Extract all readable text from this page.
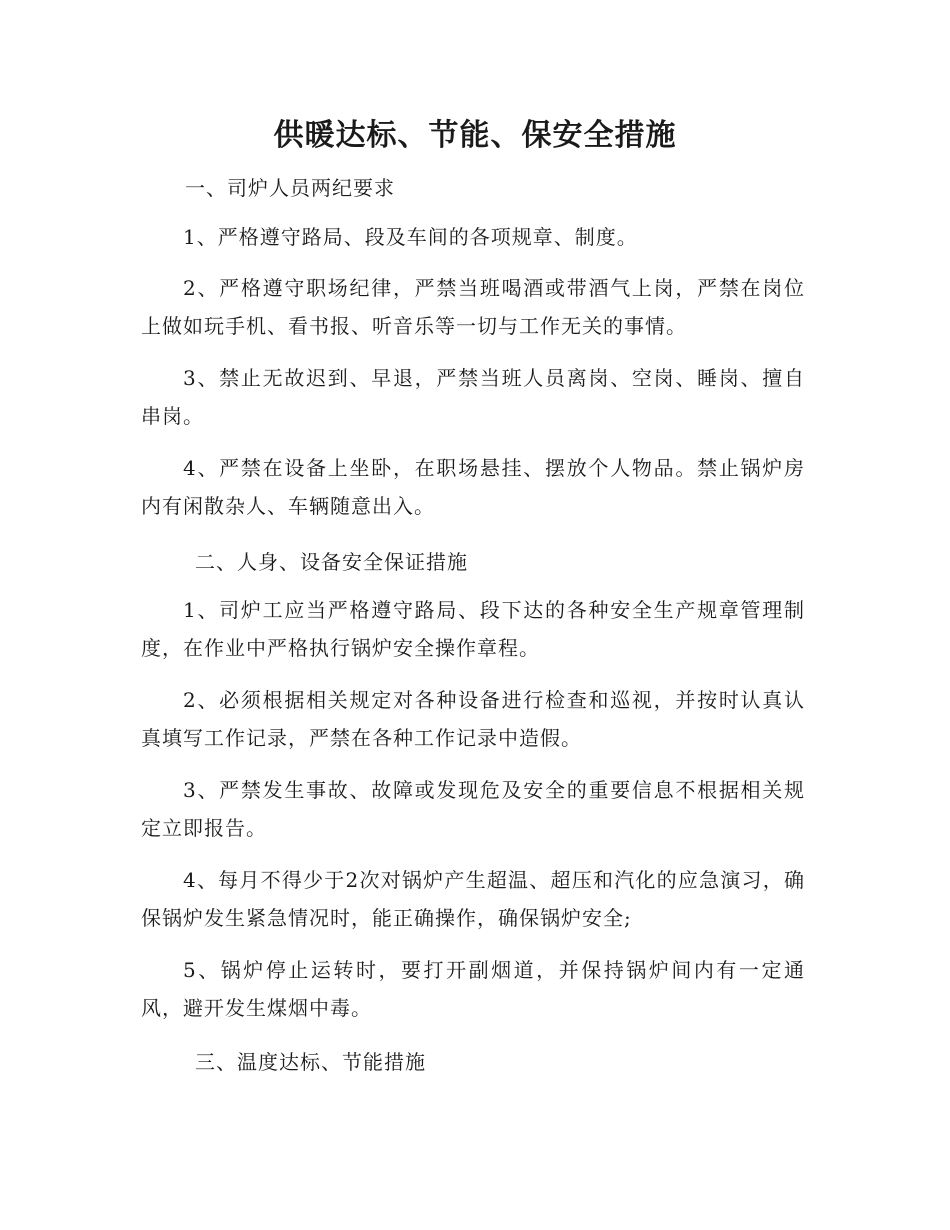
供暖达标、节能、保安全措施

一、司炉人员两纪要求

1、严格遵守路局、段及车间的各项规章、制度。

2、严格遵守职场纪律，严禁当班喝酒或带酒气上岗，严禁在岗位上做如玩手机、看书报、听音乐等一切与工作无关的事情。

3、禁止无故迟到、早退，严禁当班人员离岗、空岗、睡岗、擅自串岗。

4、严禁在设备上坐卧，在职场悬挂、摆放个人物品。禁止锅炉房内有闲散杂人、车辆随意出入。

二、人身、设备安全保证措施

1、司炉工应当严格遵守路局、段下达的各种安全生产规章管理制度，在作业中严格执行锅炉安全操作章程。

2、必须根据相关规定对各种设备进行检查和巡视，并按时认真认真填写工作记录，严禁在各种工作记录中造假。

3、严禁发生事故、故障或发现危及安全的重要信息不根据相关规定立即报告。

4、每月不得少于2次对锅炉产生超温、超压和汽化的应急演习，确保锅炉发生紧急情况时，能正确操作，确保锅炉安全;

5、锅炉停止运转时，要打开副烟道，并保持锅炉间内有一定通风，避开发生煤烟中毒。

三、温度达标、节能措施
